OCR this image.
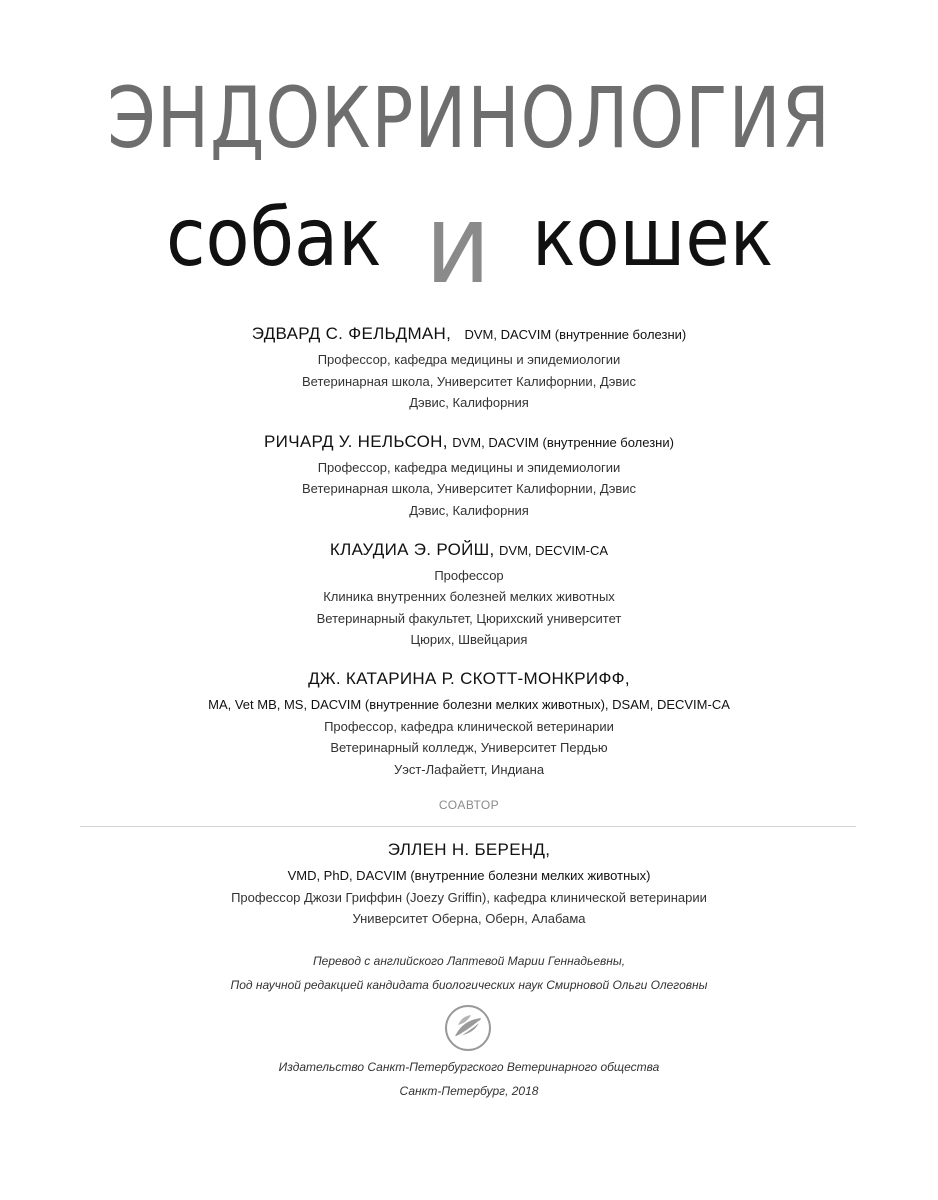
ЭНДОКРИНОЛОГИЯ
собак и кошек
ЭДВАРД С. ФЕЛЬДМАН, DVM, DACVIM (внутренние болезни)
Профессор, кафедра медицины и эпидемиологии
Ветеринарная школа, Университет Калифорнии, Дэвис
Дэвис, Калифорния
РИЧАРД У. НЕЛЬСОН, DVM, DACVIM (внутренние болезни)
Профессор, кафедра медицины и эпидемиологии
Ветеринарная школа, Университет Калифорнии, Дэвис
Дэвис, Калифорния
КЛАУДИА Э. РОЙШ, DVM, DECVIM-CA
Профессор
Клиника внутренних болезней мелких животных
Ветеринарный факультет, Цюрихский университет
Цюрих, Швейцария
ДЖ. КАТАРИНА Р. СКОТТ-МОНКРИФФ,
MA, Vet MB, MS, DACVIM (внутренние болезни мелких животных), DSAM, DECVIM-CA
Профессор, кафедра клинической ветеринарии
Ветеринарный колледж, Университет Пердью
Уэст-Лафайетт, Индиана
СОАВТОР
ЭЛЛЕН Н. БЕРЕНД,
VMD, PhD, DACVIM (внутренние болезни мелких животных)
Профессор Джози Гриффин (Joezy Griffin), кафедра клинической ветеринарии
Университет Оберна, Оберн, Алабама
Перевод с английского Лаптевой Марии Геннадьевны,
Под научной редакцией кандидата биологических наук Смирновой Ольги Олеговны
Издательство Санкт-Петербургского Ветеринарного общества
Санкт-Петербург, 2018
